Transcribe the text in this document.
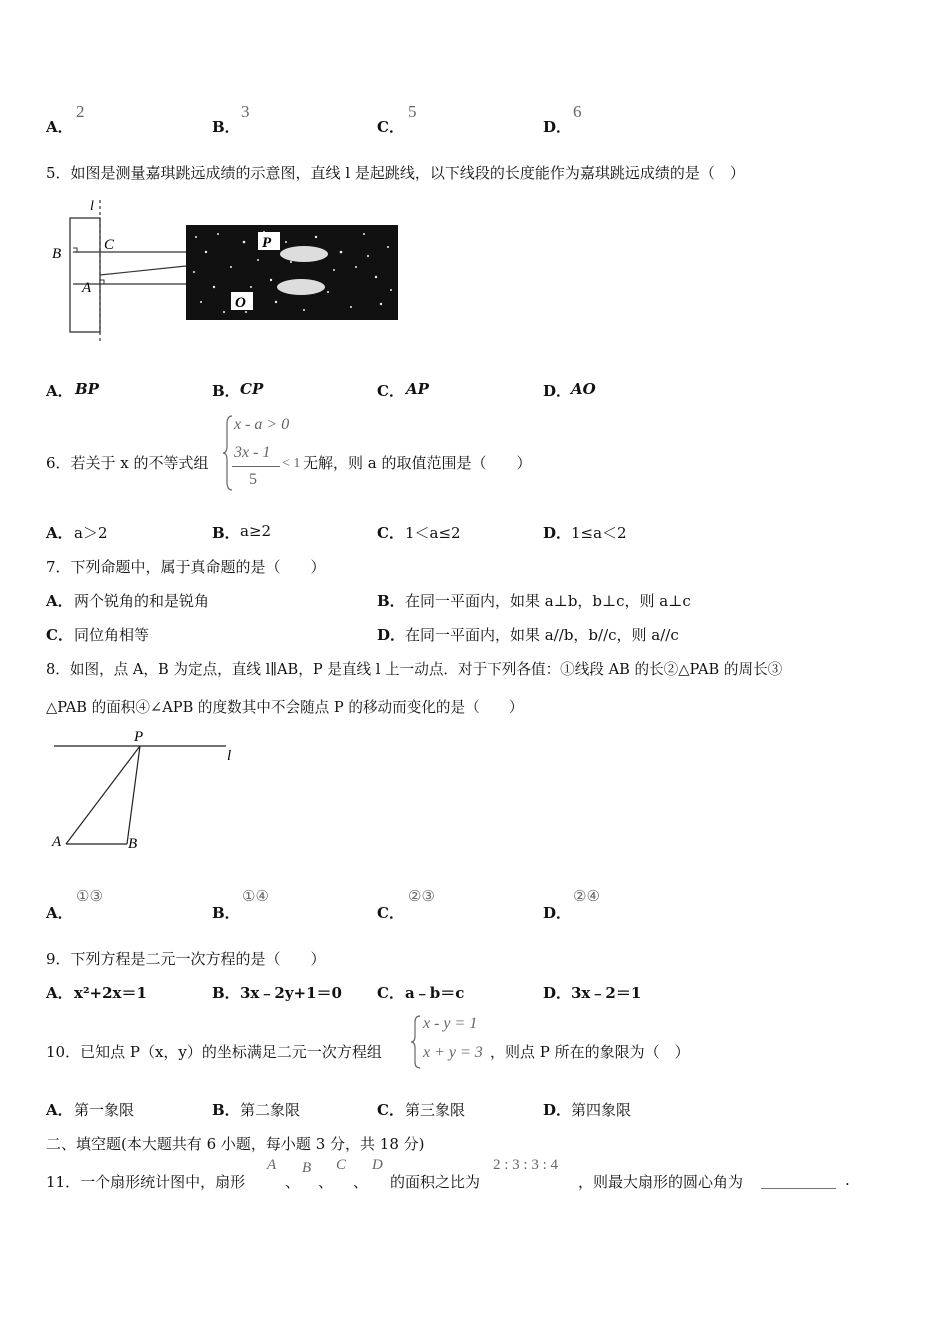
A．
2
B．
3
C．
5
D．
6
5．如图是测量嘉琪跳远成绩的示意图，直线 l 是起跳线，以下线段的长度能作为嘉琪跳远成绩的是（　）
l
B
C
A
P
O
A． BP	B． CP	C． AP	D． AO
6．若关于 x 的不等式组
x - a > 0
3x - 1
5
< 1 无解，则 a 的取值范围是（　　）
A． a＞2	B． a≥2	C． 1＜a≤2	D． 1≤a＜2
7．下列命题中，属于真命题的是（　　）
A． 两个锐角的和是锐角	B． 在同一平面内，如果 a⊥b，b⊥c，则 a⊥c
C． 同位角相等	D． 在同一平面内，如果 a//b，b//c，则 a//c
8．如图，点 A，B 为定点，直线 l∥AB，P 是直线 l 上一动点．对于下列各值：①线段 AB 的长②△PAB 的周长③
△PAB 的面积④∠APB 的度数其中不会随点 P 的移动而变化的是（　　）
P
l
A	B
A．
①③
B．
①④
C．
②③
D．
②④
9．下列方程是二元一次方程的是（　　）
A． x²+2x＝1	B． 3x﹣2y+1＝0 C． a﹣b＝c	D． 3x﹣2＝1
10．已知点 P（x，y）的坐标满足二元一次方程组
x - y = 1
x + y = 3 ，则点 P 所在的象限为（　）
A． 第一象限	B． 第二象限	C． 第三象限	D． 第四象限
二、填空题(本大题共有 6 小题，每小题 3 分，共 18 分)
11．一个扇形统计图中，扇形
A
、
B
、
C
、
D
的面积之比为
2 : 3 : 3 : 4
，则最大扇形的圆心角为 __________ .
